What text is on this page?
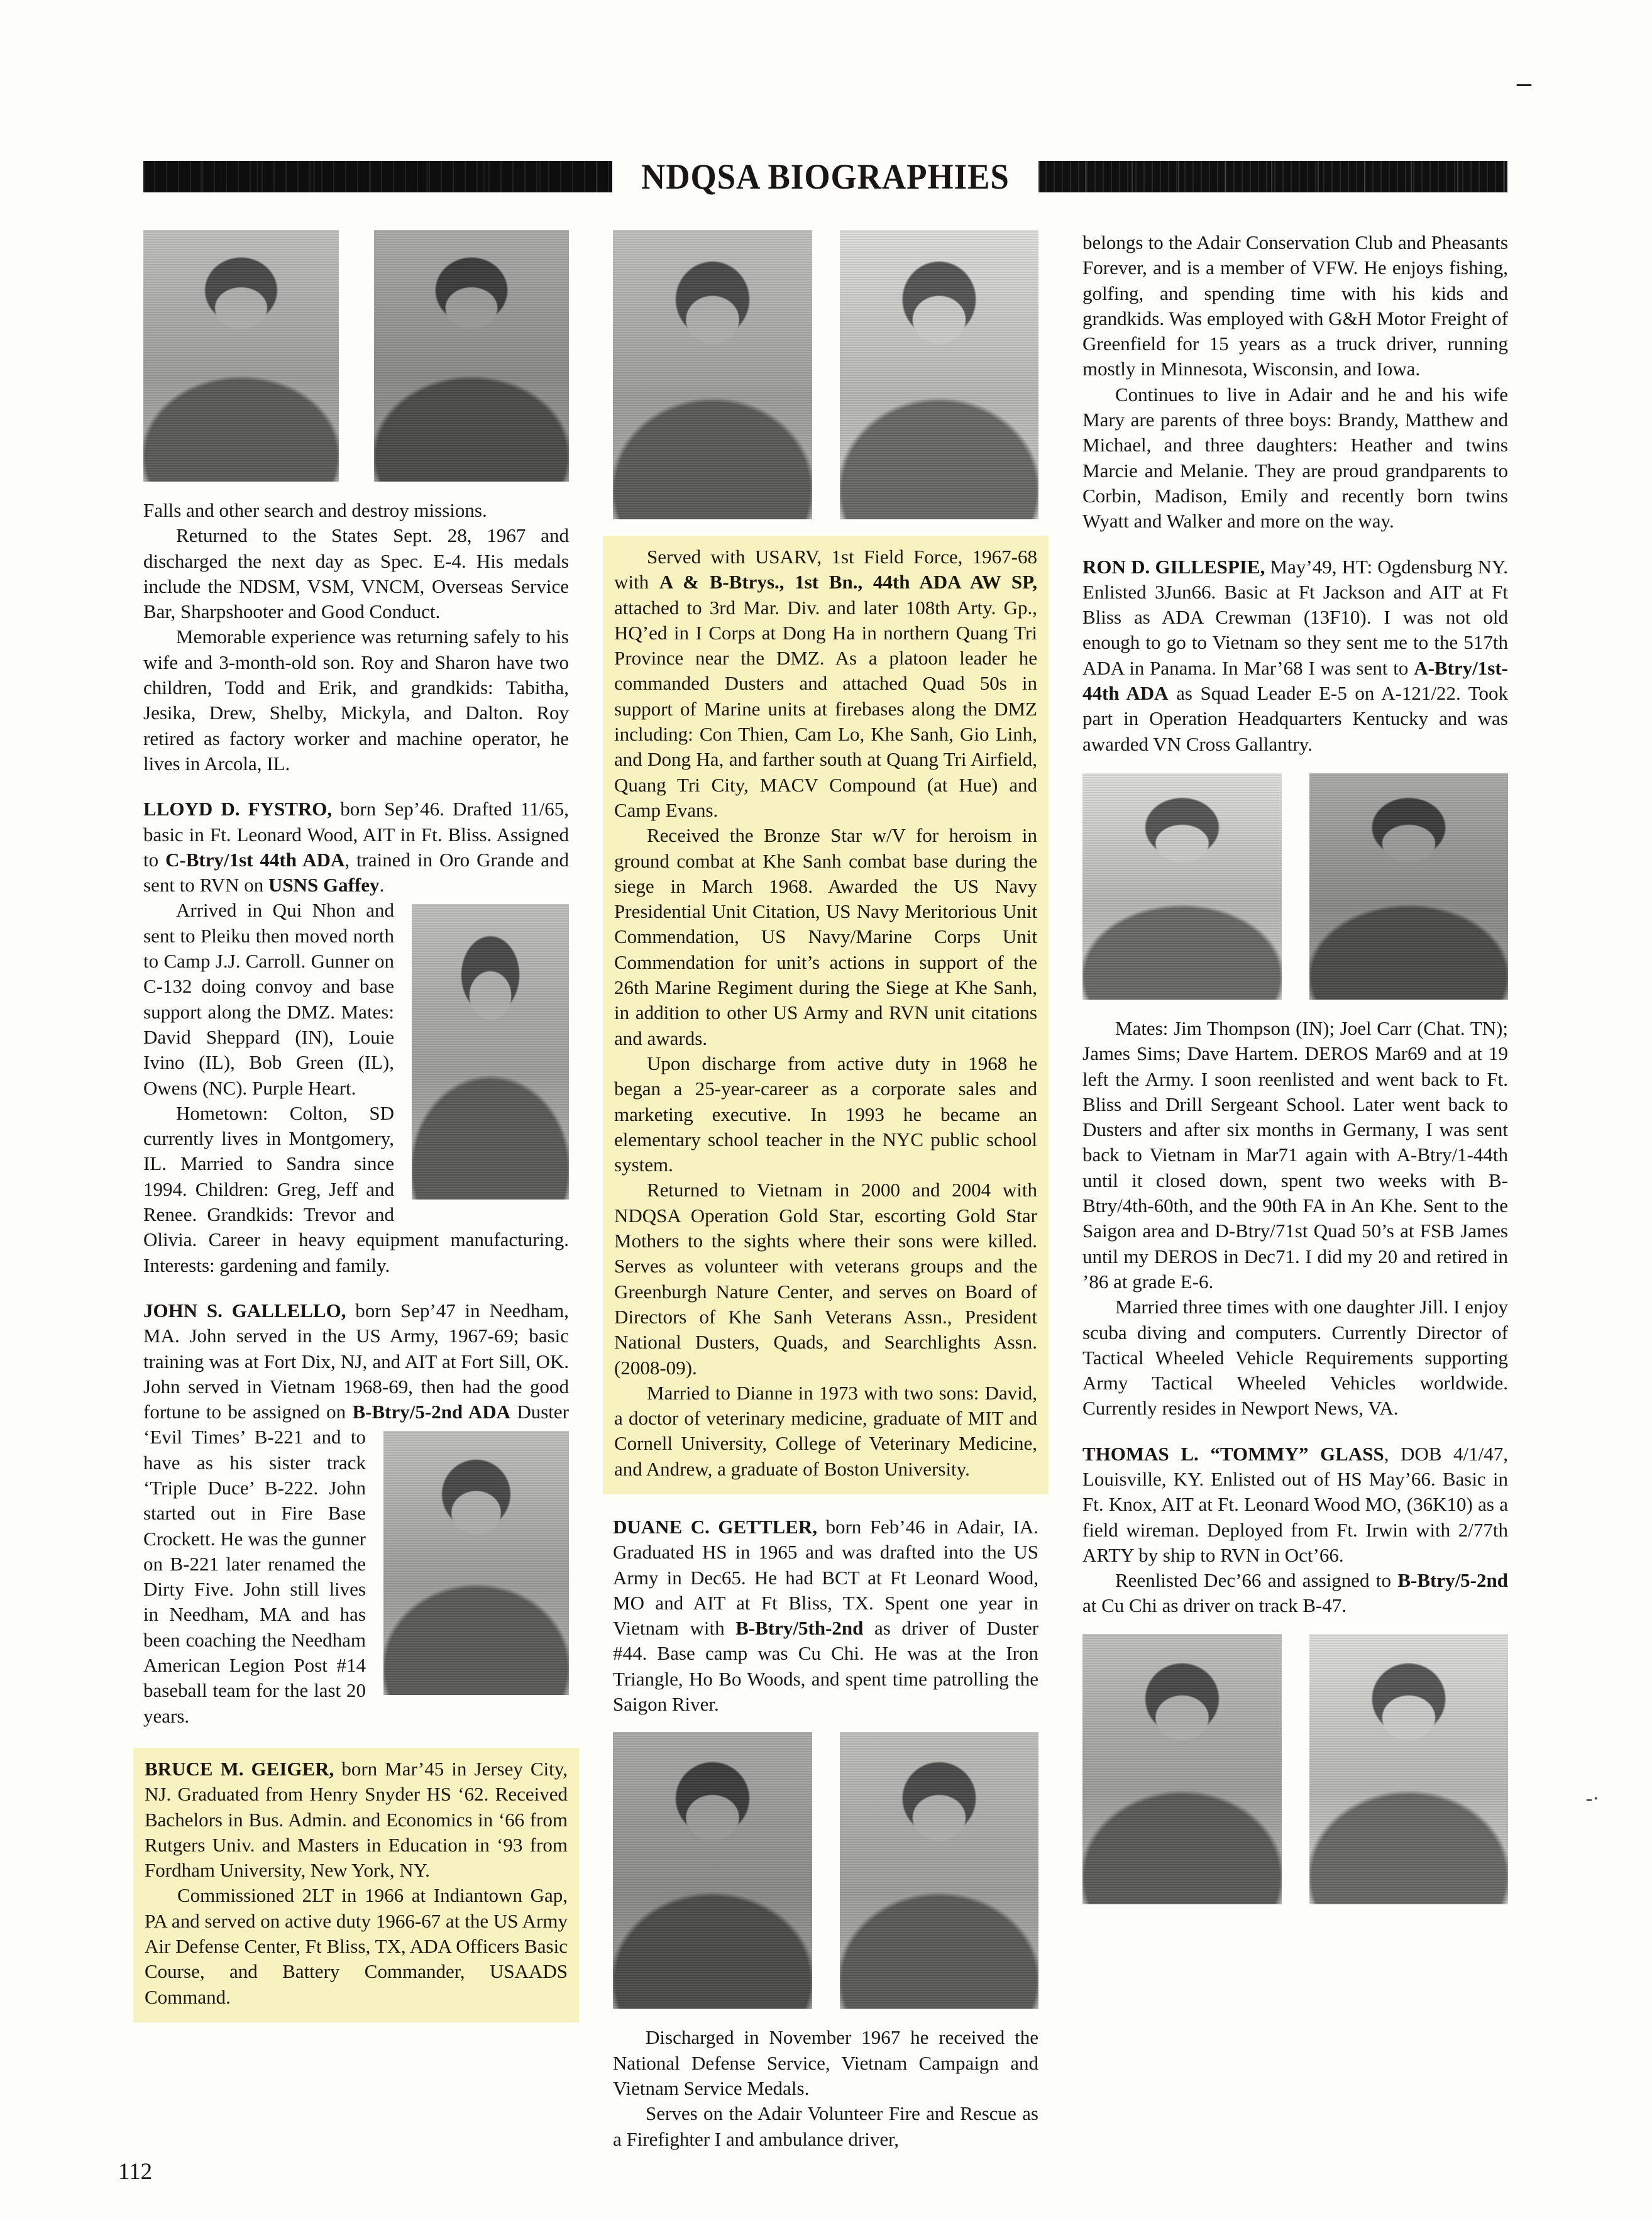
–
-·
NDQSA BIOGRAPHIES

Falls and other search and destroy missions.

Returned to the States Sept. 28, 1967 and discharged the next day as Spec. E-4. His medals include the NDSM, VSM, VNCM, Overseas Service Bar, Sharpshooter and Good Conduct.

Memorable experience was returning safely to his wife and 3-month-old son. Roy and Sharon have two children, Todd and Erik, and grandkids: Tabitha, Jesika, Drew, Shelby, Mickyla, and Dalton. Roy retired as factory worker and machine operator, he lives in Arcola, IL.

LLOYD D. FYSTRO, born Sep’46. Drafted 11/65, basic in Ft. Leonard Wood, AIT in Ft. Bliss. Assigned to C-Btry/1st 44th ADA, trained in Oro Grande and sent to RVN on USNS Gaffey.

Arrived in Qui Nhon and sent to Pleiku then moved north to Camp J.J. Carroll. Gunner on C-132 doing convoy and base support along the DMZ. Mates: David Sheppard (IN), Louie Ivino (IL), Bob Green (IL), Owens (NC). Purple Heart.

Hometown: Colton, SD currently lives in Montgomery, IL. Married to Sandra since 1994. Children: Greg, Jeff and Renee. Grandkids: Trevor and Olivia. Career in heavy equipment manufacturing. Interests: gardening and family.

JOHN S. GALLELLO, born Sep’47 in Needham, MA. John served in the US Army, 1967-69; basic training was at Fort Dix, NJ, and AIT at Fort Sill, OK. John served in Vietnam 1968-69, then had the good fortune to be assigned on B-Btry/5-2nd ADA
Duster ‘Evil Times’ B-221 and to have as his sister track ‘Triple Duce’ B-222. John started out in Fire Base Crockett. He was the gunner on B-221 later renamed the Dirty Five. John still lives in Needham, MA and has been coaching the Needham American Legion Post #14 baseball team for the last 20 years.

BRUCE M. GEIGER, born Mar’45 in Jersey City, NJ. Graduated from Henry Snyder HS ‘62. Received Bachelors in Bus. Admin. and Economics in ‘66 from Rutgers Univ. and Masters in Education in ‘93 from Fordham University, New York, NY.

Commissioned 2LT in 1966 at Indiantown Gap, PA and served on active duty 1966-67 at the US Army Air Defense Center, Ft Bliss, TX, ADA Officers Basic Course, and Battery Commander, USAADS Command.

Served with USARV, 1st Field Force, 1967-68 with A & B-Btrys., 1st Bn., 44th ADA AW SP, attached to 3rd Mar. Div. and later 108th Arty. Gp., HQ’ed in I Corps at Dong Ha in northern Quang Tri Province near the DMZ. As a platoon leader he commanded Dusters and attached Quad 50s in support of Marine units at firebases along the DMZ including: Con Thien, Cam Lo, Khe Sanh, Gio Linh, and Dong Ha, and farther south at Quang Tri Airfield, Quang Tri City, MACV Compound (at Hue) and Camp Evans.

Received the Bronze Star w/V for heroism in ground combat at Khe Sanh combat base during the siege in March 1968. Awarded the US Navy Presidential Unit Citation, US Navy Meritorious Unit Commendation, US Navy/Marine Corps Unit Commendation for unit’s actions in support of the 26th Marine Regiment during the Siege at Khe Sanh, in addition to other US Army and RVN unit citations and awards.

Upon discharge from active duty in 1968 he began a 25-year-career as a corporate sales and marketing executive. In 1993 he became an elementary school teacher in the NYC public school system.

Returned to Vietnam in 2000 and 2004 with NDQSA Operation Gold Star, escorting Gold Star Mothers to the sights where their sons were killed. Serves as volunteer with veterans groups and the Greenburgh Nature Center, and serves on Board of Directors of Khe Sanh Veterans Assn., President National Dusters, Quads, and Searchlights Assn. (2008-09).

Married to Dianne in 1973 with two sons: David, a doctor of veterinary medicine, graduate of MIT and Cornell University, College of Veterinary Medicine, and Andrew, a graduate of Boston University.

DUANE C. GETTLER, born Feb’46 in Adair, IA. Graduated HS in 1965 and was drafted into the US Army in Dec65. He had BCT at Ft Leonard Wood, MO and AIT at Ft Bliss, TX. Spent one year in Vietnam with B-Btry/5th-2nd as driver of Duster #44. Base camp was Cu Chi. He was at the Iron Triangle, Ho Bo Woods, and spent time patrolling the Saigon River.

Discharged in November 1967 he received the National Defense Service, Vietnam Campaign and Vietnam Service Medals.

Serves on the Adair Volunteer Fire and Rescue as a Firefighter I and ambulance driver,

belongs to the Adair Conservation Club and Pheasants Forever, and is a member of VFW. He enjoys fishing, golfing, and spending time with his kids and grandkids. Was employed with G&H Motor Freight of Greenfield for 15 years as a truck driver, running mostly in Minnesota, Wisconsin, and Iowa.

Continues to live in Adair and he and his wife Mary are parents of three boys: Brandy, Matthew and Michael, and three daughters: Heather and twins Marcie and Melanie. They are proud grandparents to Corbin, Madison, Emily and recently born twins Wyatt and Walker and more on the way.

RON D. GILLESPIE, May’49, HT: Ogdensburg NY. Enlisted 3Jun66. Basic at Ft Jackson and AIT at Ft Bliss as ADA Crewman (13F10). I was not old enough to go to Vietnam so they sent me to the 517th ADA in Panama. In Mar’68 I was sent to A-Btry/1st-44th ADA as Squad Leader E-5 on A-121/22. Took part in Operation Headquarters Kentucky and was awarded VN Cross Gallantry.

Mates: Jim Thompson (IN); Joel Carr (Chat. TN); James Sims; Dave Hartem. DEROS Mar69 and at 19 left the Army. I soon reenlisted and went back to Ft. Bliss and Drill Sergeant School. Later went back to Dusters and after six months in Germany, I was sent back to Vietnam in Mar71 again with A-Btry/1-44th until it closed down, spent two weeks with B-Btry/4th-60th, and the 90th FA in An Khe. Sent to the Saigon area and D-Btry/71st Quad 50’s at FSB James until my DEROS in Dec71. I did my 20 and retired in ’86 at grade E-6.

Married three times with one daughter Jill. I enjoy scuba diving and computers. Currently Director of Tactical Wheeled Vehicle Requirements supporting Army Tactical Wheeled Vehicles worldwide. Currently resides in Newport News, VA.

THOMAS L. “TOMMY” GLASS, DOB 4/1/47, Louisville, KY. Enlisted out of HS May’66. Basic in Ft. Knox, AIT at Ft. Leonard Wood MO, (36K10) as a field wireman. Deployed from Ft. Irwin with 2/77th ARTY by ship to RVN in Oct’66.

Reenlisted Dec’66 and assigned to B-Btry/5-2nd at Cu Chi as driver on track B-47.

112
